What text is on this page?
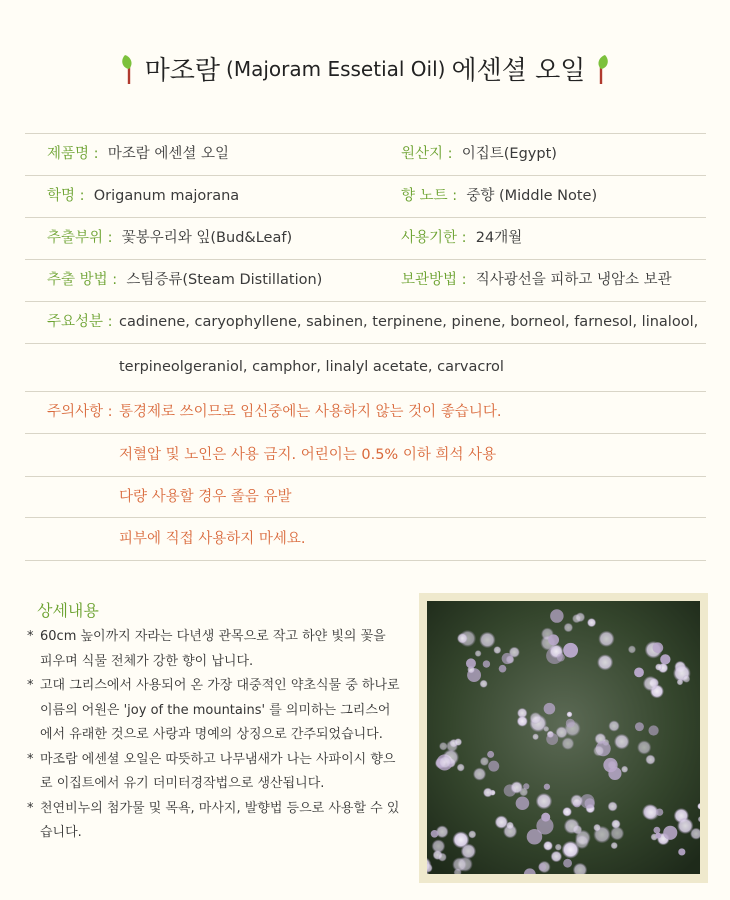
마조람 (Majoram Essetial Oil) 에센셜 오일
제품명 : 마조람 에센셜 오일	원산지 : 이집트(Egypt)
학명 : Origanum majorana	향 노트 : 중향 (Middle Note)
추출부위 : 꽃봉우리와 잎(Bud&Leaf)	사용기한 : 24개월
추출 방법 : 스팀증류(Steam Distillation)	보관방법 : 직사광선을 피하고 냉암소 보관
주요성분 : cadinene, caryophyllene, sabinen, terpinene, pinene, borneol, farnesol, linalool,
terpineolgeraniol, camphor, linalyl acetate, carvacrol
주의사항 : 통경제로 쓰이므로 임신중에는 사용하지 않는 것이 좋습니다.
저혈압 및 노인은 사용 금지. 어린이는 0.5% 이하 희석 사용
다량 사용할 경우 졸음 유발
피부에 직접 사용하지 마세요.
상세내용
* 60cm 높이까지 자라는 다년생 관목으로 작고 하얀 빛의 꽃을 피우며 식물 전체가 강한 향이 납니다.
* 고대 그리스에서 사용되어 온 가장 대중적인 약초식물 중 하나로 이름의 어원은 'joy of the mountains' 를 의미하는 그리스어에서 유래한 것으로 사랑과 명예의 상징으로 간주되었습니다.
* 마조람 에센셜 오일은 따뜻하고 나무냄새가 나는 사파이시 향으로 이집트에서 유기 더미터경작법으로 생산됩니다.
* 천연비누의 첨가물 및 목욕, 마사지, 발향법 등으로 사용할 수 있습니다.
